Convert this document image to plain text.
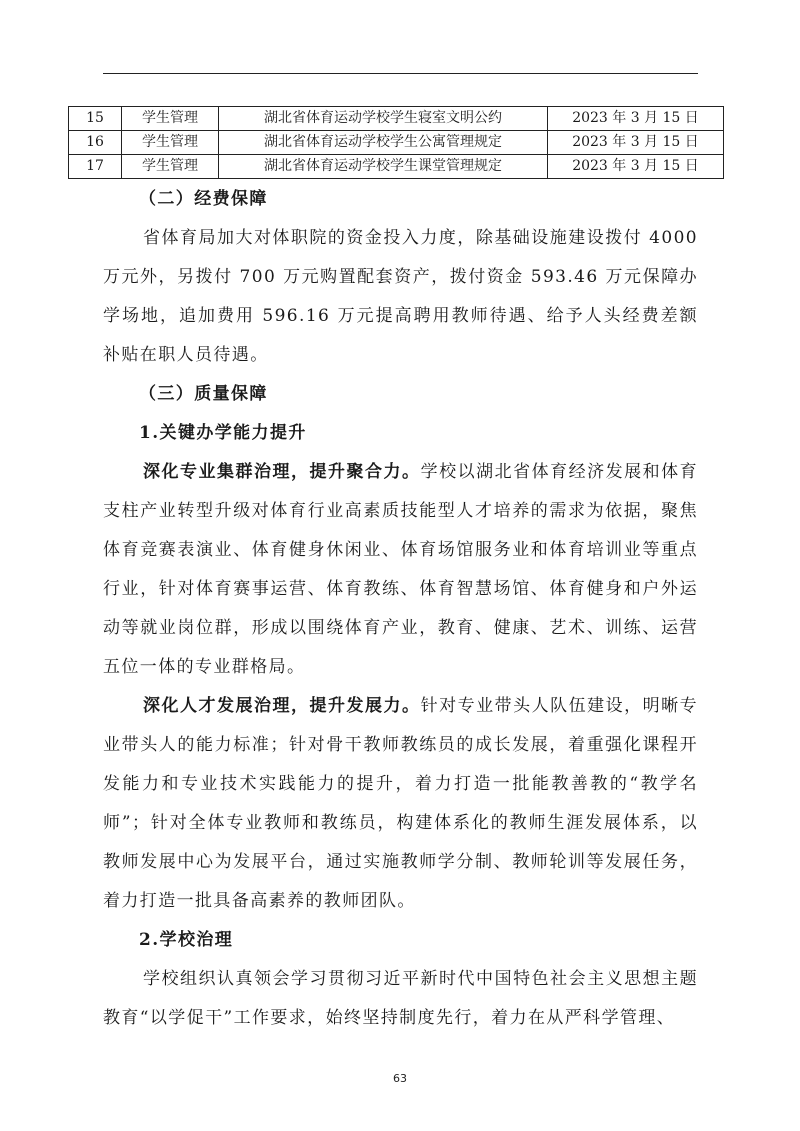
15	学生管理	湖北省体育运动学校学生寝室文明公约	2023 年 3 月 15 日
16	学生管理	湖北省体育运动学校学生公寓管理规定	2023 年 3 月 15 日
17	学生管理	湖北省体育运动学校学生课堂管理规定	2023 年 3 月 15 日
（二）经费保障

省体育局加大对体职院的资金投入力度，除基础设施建设拨付 4000 万元外，另拨付 700 万元购置配套资产，拨付资金 593.46 万元保障办学场地，追加费用 596.16 万元提高聘用教师待遇、给予人头经费差额补贴在职人员待遇。

（三）质量保障
1.关键办学能力提升

深化专业集群治理，提升聚合力。学校以湖北省体育经济发展和体育支柱产业转型升级对体育行业高素质技能型人才培养的需求为依据，聚焦体育竞赛表演业、体育健身休闲业、体育场馆服务业和体育培训业等重点行业，针对体育赛事运营、体育教练、体育智慧场馆、体育健身和户外运动等就业岗位群，形成以围绕体育产业，教育、健康、艺术、训练、运营五位一体的专业群格局。

深化人才发展治理，提升发展力。针对专业带头人队伍建设，明晰专业带头人的能力标准；针对骨干教师教练员的成长发展，着重强化课程开发能力和专业技术实践能力的提升，着力打造一批能教善教的“教学名师”；针对全体专业教师和教练员，构建体系化的教师生涯发展体系，以教师发展中心为发展平台，通过实施教师学分制、教师轮训等发展任务，着力打造一批具备高素养的教师团队。

2.学校治理

学校组织认真领会学习贯彻习近平新时代中国特色社会主义思想主题教育“以学促干”工作要求，始终坚持制度先行，着力在从严科学管理、

63
